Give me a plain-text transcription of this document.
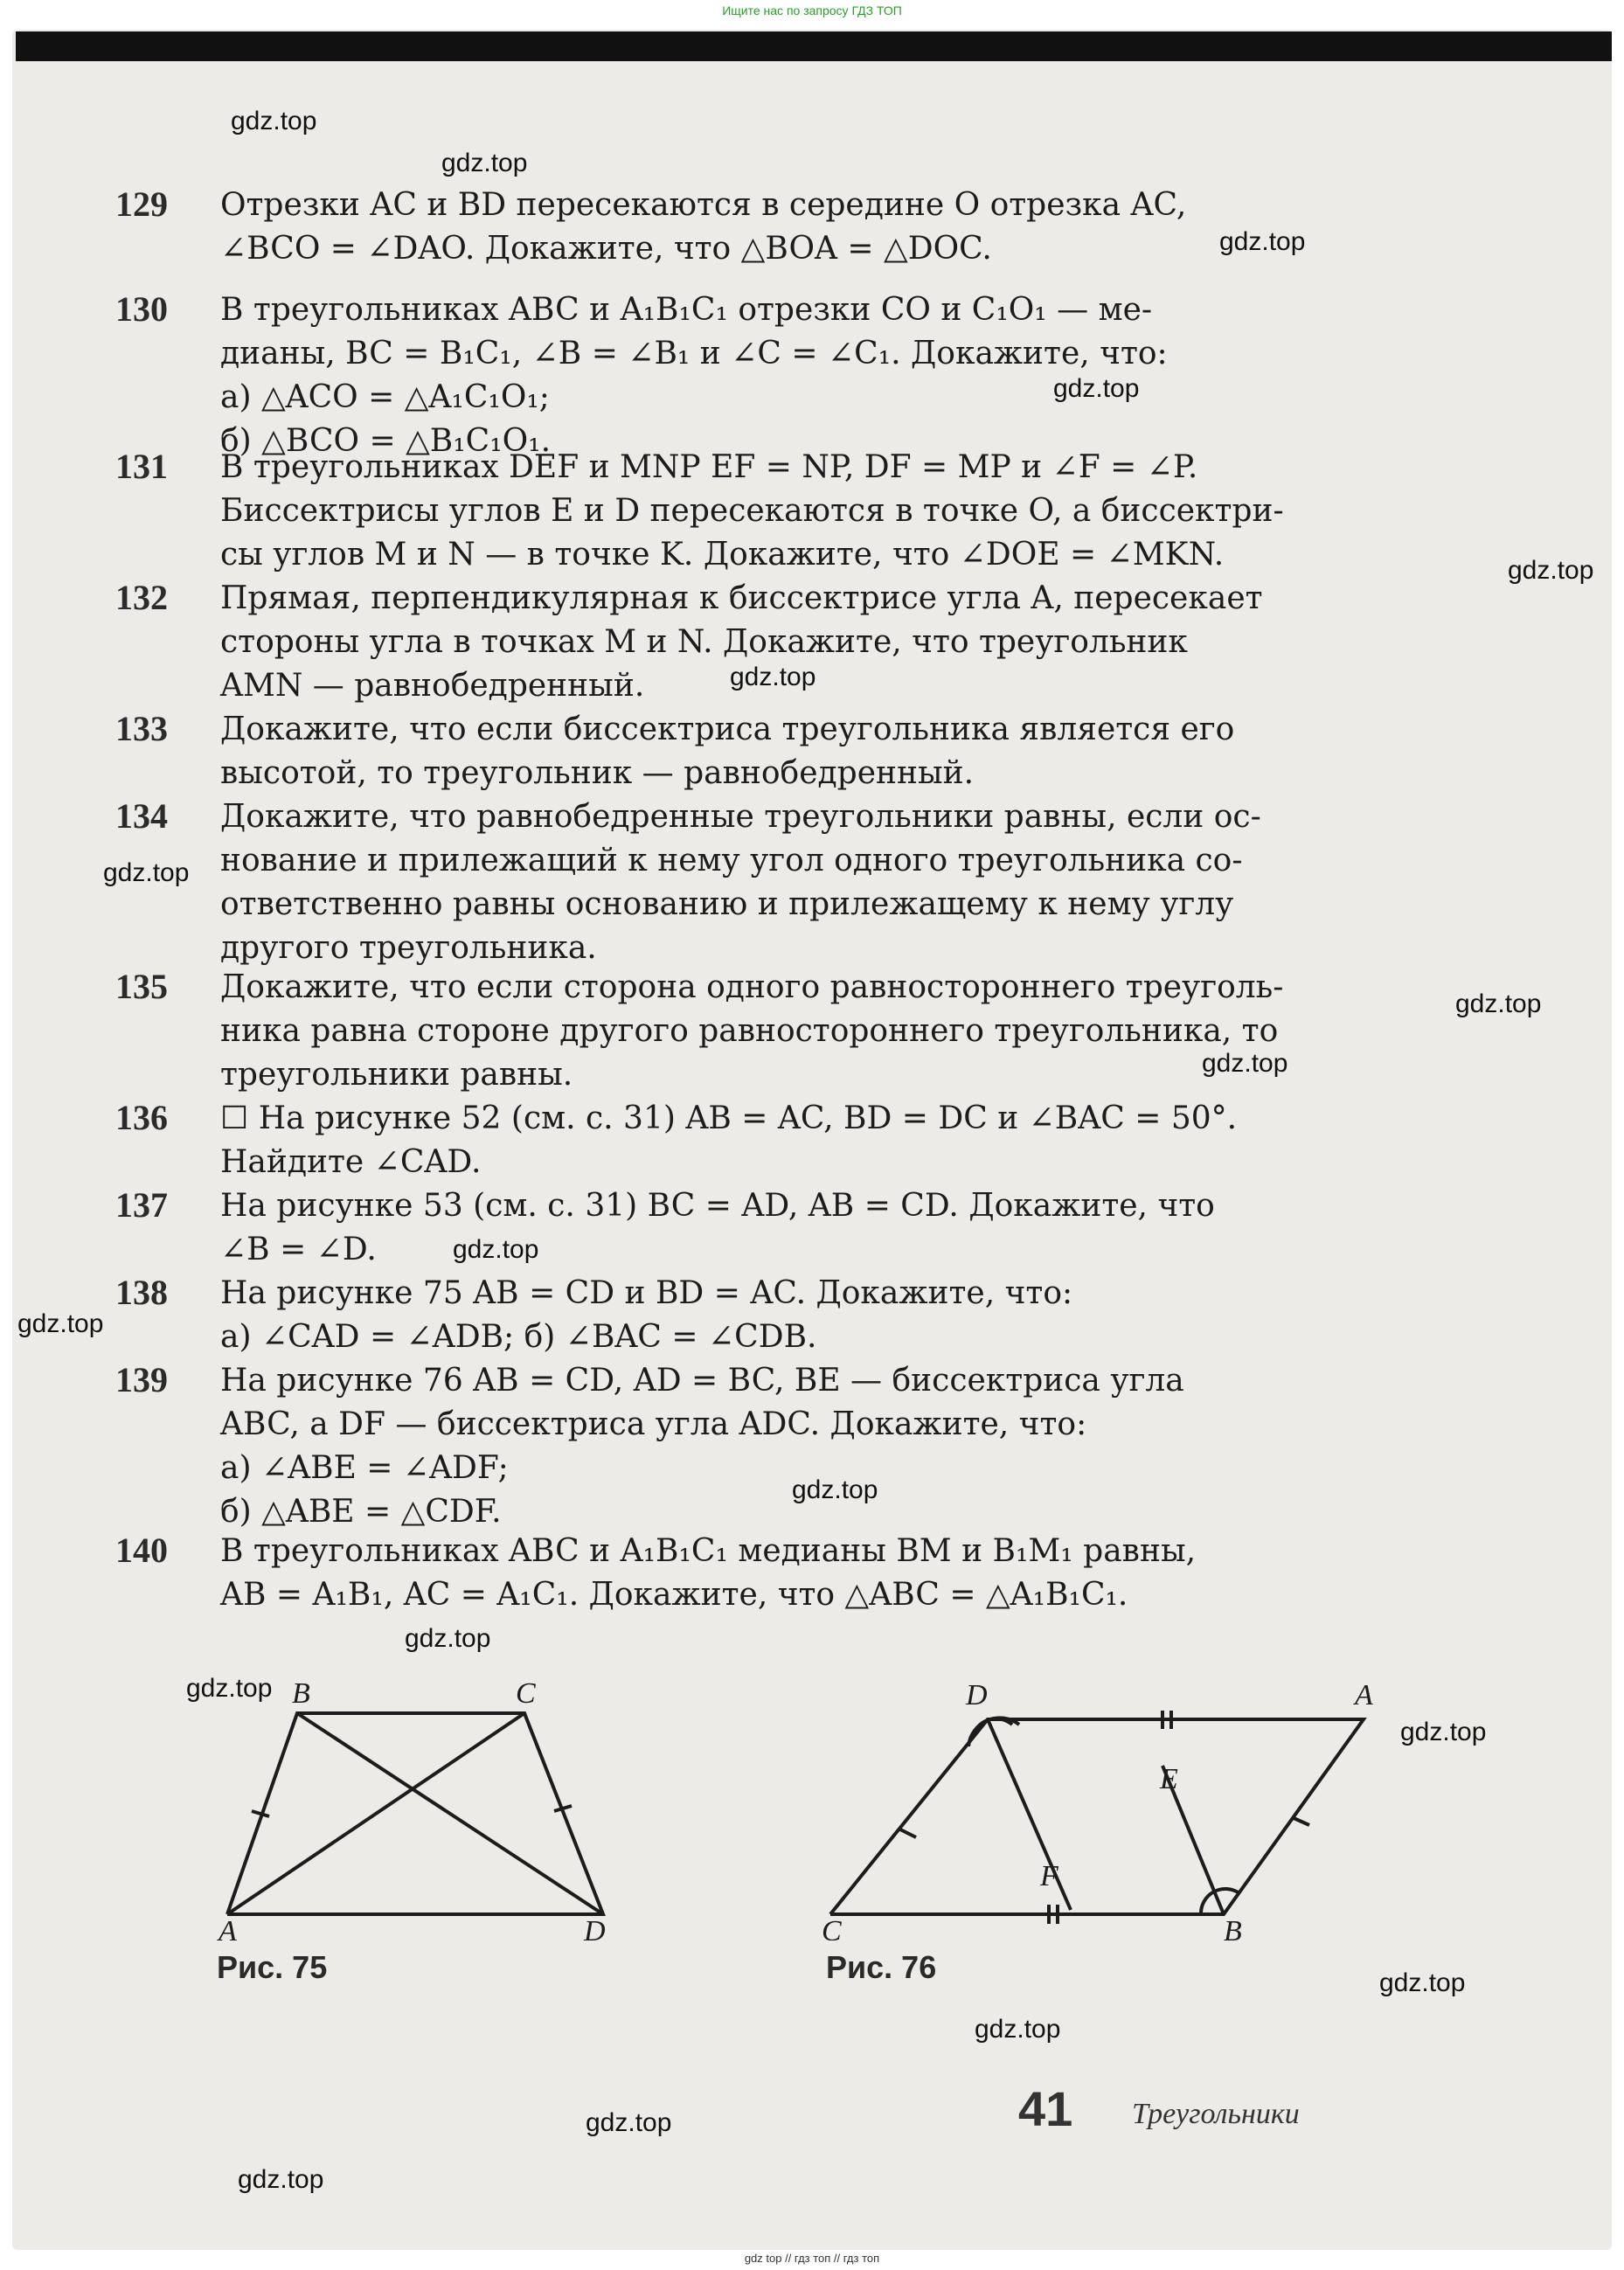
Ищите нас по запросу ГДЗ ТОП
129 Отрезки AC и BD пересекаются в середине O отрезка AC,

∠BCO = ∠DAO. Докажите, что △BOA = △DOC.

130 В треугольниках ABC и A₁B₁C₁ отрезки CO и C₁O₁ — ме-

дианы, BC = B₁C₁, ∠B = ∠B₁ и ∠C = ∠C₁. Докажите, что:

а) △ACO = △A₁C₁O₁;

б) △BCO = △B₁C₁O₁.

131 В треугольниках DEF и MNP EF = NP, DF = MP и ∠F = ∠P.

Биссектрисы углов E и D пересекаются в точке O, а биссектри-

сы углов M и N — в точке K. Докажите, что ∠DOE = ∠MKN.

132 Прямая, перпендикулярная к биссектрисе угла A, пересекает

стороны угла в точках M и N. Докажите, что треугольник

AMN — равнобедренный.

133 Докажите, что если биссектриса треугольника является его

высотой, то треугольник — равнобедренный.

134 Докажите, что равнобедренные треугольники равны, если ос-

нование и прилежащий к нему угол одного треугольника со-

ответственно равны основанию и прилежащему к нему углу

другого треугольника.

135 Докажите, что если сторона одного равностороннего треуголь-

ника равна стороне другого равностороннего треугольника, то

треугольники равны.

136 ☐ На рисунке 52 (см. с. 31) AB = AC, BD = DC и ∠BAC = 50°.

Найдите ∠CAD.

137 На рисунке 53 (см. с. 31) BC = AD, AB = CD. Докажите, что

∠B = ∠D.

138 На рисунке 75 AB = CD и BD = AC. Докажите, что:

а) ∠CAD = ∠ADB; б) ∠BAC = ∠CDB.

139 На рисунке 76 AB = CD, AD = BC, BE — биссектриса угла

ABC, а DF — биссектриса угла ADC. Докажите, что:

а) ∠ABE = ∠ADF;

б) △ABE = △CDF.

140 В треугольниках ABC и A₁B₁C₁ медианы BM и B₁M₁ равны,

AB = A₁B₁, AC = A₁C₁. Докажите, что △ABC = △A₁B₁C₁.

B	C
A	D
Рис. 75
D	A
E
F
C	B
Рис. 76
41 Треугольники
gdz.top
gdz.top
gdz.top
gdz.top
gdz.top
gdz.top
gdz.top
gdz.top
gdz.top
gdz.top
gdz.top
gdz.top
gdz.top
gdz.top
gdz.top
gdz.top
gdz.top
gdz.top
gdz.top
gdz top // гдз топ // гдз топ
